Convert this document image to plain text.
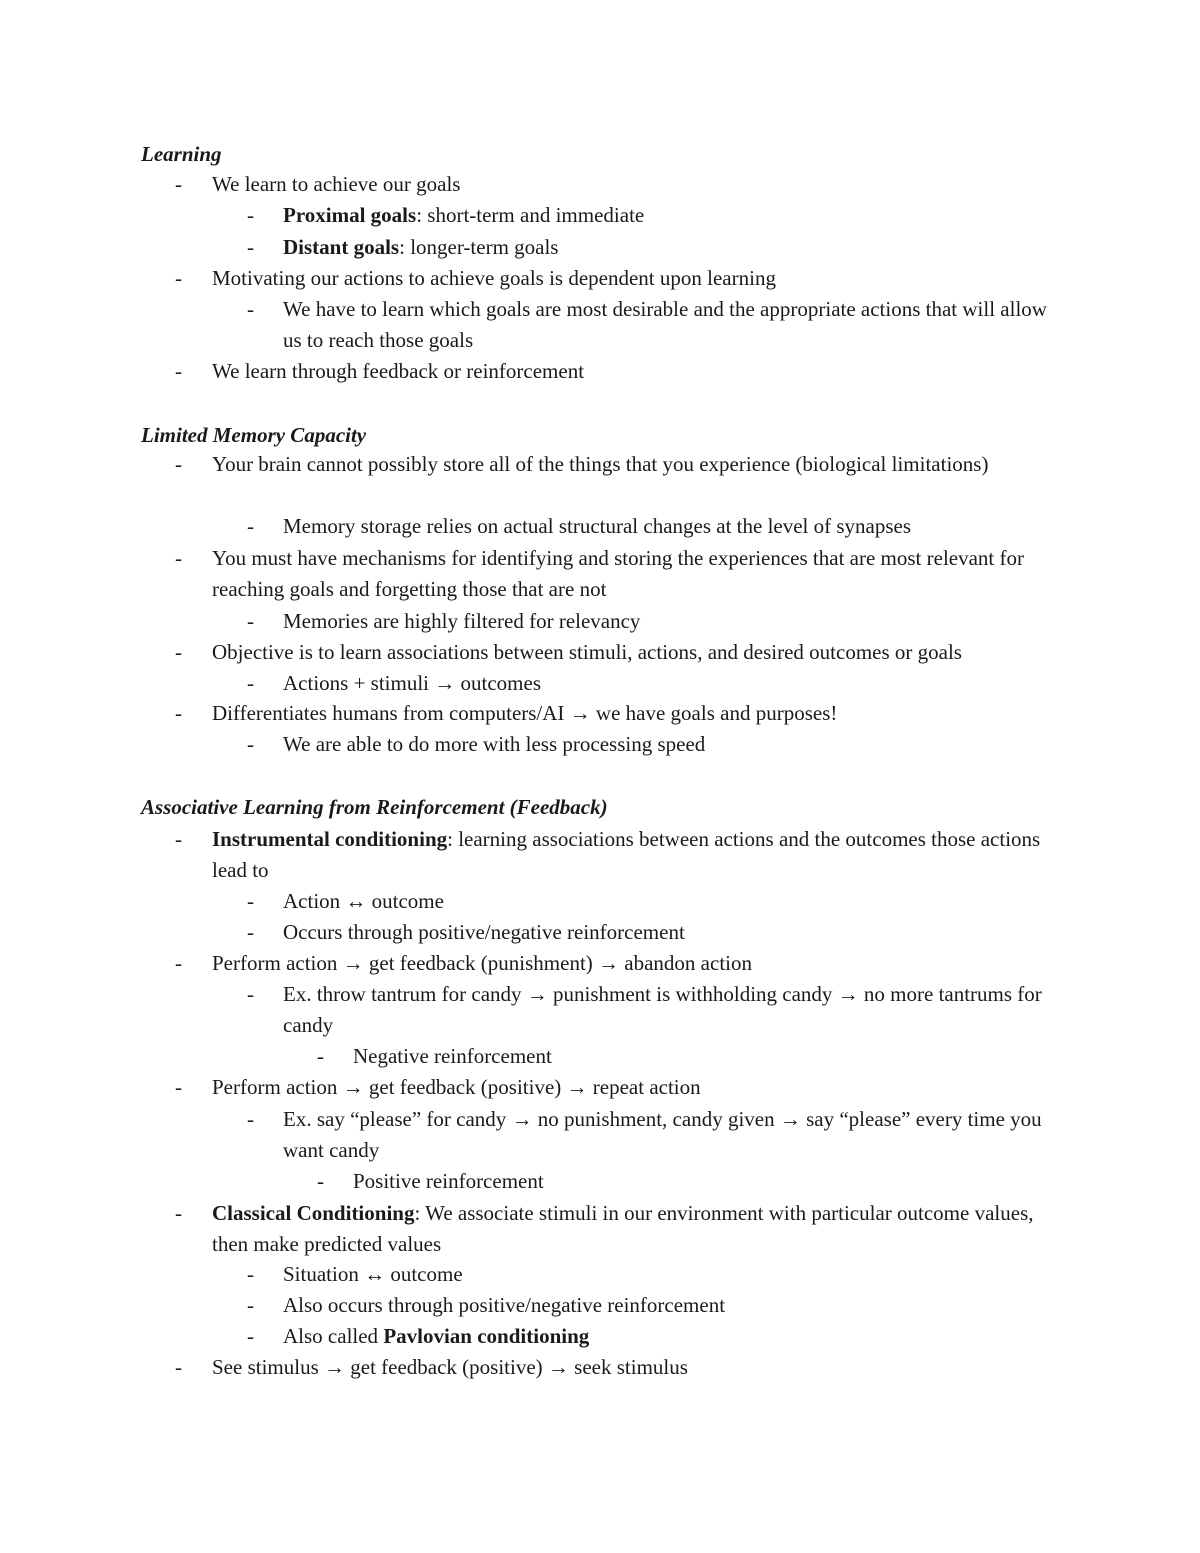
Learning
- We learn to achieve our goals
- Proximal goals: short-term and immediate
- Distant goals: longer-term goals
- Motivating our actions to achieve goals is dependent upon learning
- We have to learn which goals are most desirable and the appropriate actions that will allow us to reach those goals
- We learn through feedback or reinforcement
Limited Memory Capacity
- Your brain cannot possibly store all of the things that you experience (biological limitations)
- Memory storage relies on actual structural changes at the level of synapses
- You must have mechanisms for identifying and storing the experiences that are most relevant for reaching goals and forgetting those that are not
- Memories are highly filtered for relevancy
- Objective is to learn associations between stimuli, actions, and desired outcomes or goals
- Actions + stimuli → outcomes
- Differentiates humans from computers/AI → we have goals and purposes!
- We are able to do more with less processing speed
Associative Learning from Reinforcement (Feedback)
- Instrumental conditioning: learning associations between actions and the outcomes those actions lead to
- Action ↔ outcome
- Occurs through positive/negative reinforcement
- Perform action → get feedback (punishment) → abandon action
- Ex. throw tantrum for candy → punishment is withholding candy → no more tantrums for candy
- Negative reinforcement
- Perform action → get feedback (positive) → repeat action
- Ex. say “please” for candy → no punishment, candy given → say “please” every time you want candy
- Positive reinforcement
- Classical Conditioning: We associate stimuli in our environment with particular outcome values, then make predicted values
- Situation ↔ outcome
- Also occurs through positive/negative reinforcement
- Also called Pavlovian conditioning
- See stimulus → get feedback (positive) → seek stimulus
